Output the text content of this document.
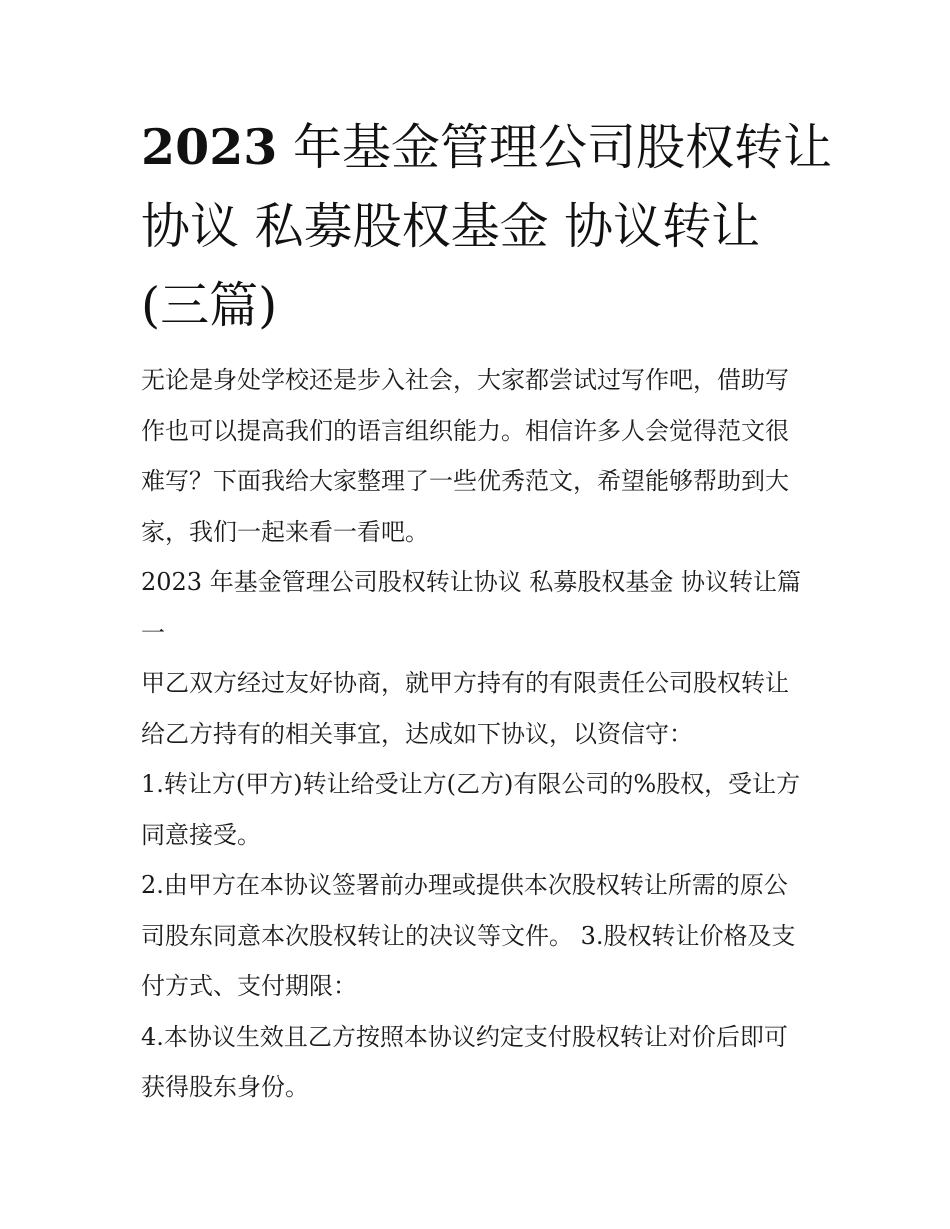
2023 年基金管理公司股权转让
协议 私募股权基金 协议转让
(三篇)

无论是身处学校还是步入社会，大家都尝试过写作吧，借助写
作也可以提高我们的语言组织能力。相信许多人会觉得范文很
难写？下面我给大家整理了一些优秀范文，希望能够帮助到大
家，我们一起来看一看吧。

2023 年基金管理公司股权转让协议 私募股权基金 协议转让篇
一

甲乙双方经过友好协商，就甲方持有的有限责任公司股权转让
给乙方持有的相关事宜，达成如下协议，以资信守：

1.转让方(甲方)转让给受让方(乙方)有限公司的%股权，受让方
同意接受。

2.由甲方在本协议签署前办理或提供本次股权转让所需的原公
司股东同意本次股权转让的决议等文件。 3.股权转让价格及支
付方式、支付期限：

4.本协议生效且乙方按照本协议约定支付股权转让对价后即可
获得股东身份。
